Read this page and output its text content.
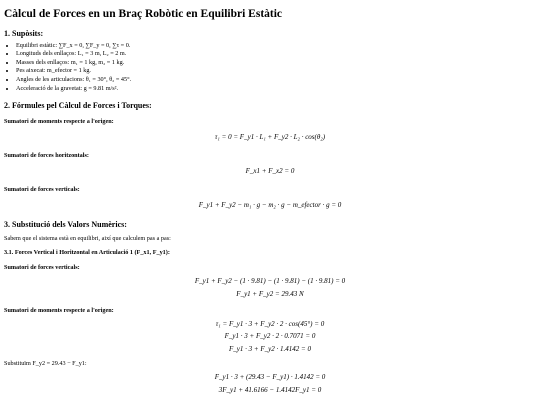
Càlcul de Forces en un Braç Robòtic en Equilibri Estàtic
1. Supòsits:
• Equilibri estàtic: ∑F_x = 0, ∑F_y = 0, ∑τ = 0.
• Longituds dels enllaços: L₁ = 3 m, L₂ = 2 m.
• Masses dels enllaços: m₁ = 1 kg, m₂ = 1 kg.
• Pes aixecat: m_efector = 1 kg.
• Angles de les articulacions: θ₁ = 30°, θ₂ = 45°.
• Acceleració de la gravetat: g = 9.81 m/s².
2. Fórmules pel Càlcul de Forces i Torques:

Sumatori de moments respecte a l'origen:

τ₁ = 0 = F_y1 · L₁ + F_y2 · L₂ · cos(θ₂)

Sumatori de forces horitzontals:

F_x1 + F_x2 = 0

Sumatori de forces verticals:

F_y1 + F_y2 − m₁ · g − m₂ · g − m_efector · g = 0
3. Substitució dels Valors Numèrics:

Sabem que el sistema està en equilibri, així que calculem pas a pas:

3.1. Forces Vertical i Horitzontal en Articulació 1 (F_x1, F_y1):

Sumatori de forces verticals:

F_y1 + F_y2 − (1 · 9.81) − (1 · 9.81) − (1 · 9.81) = 0
F_y1 + F_y2 = 29.43 N

Sumatori de moments respecte a l'origen:

τ₁ = F_y1 · 3 + F_y2 · 2 · cos(45°) = 0
F_y1 · 3 + F_y2 · 2 · 0.7071 = 0
F_y1 · 3 + F_y2 · 1.4142 = 0

Substituïm F_y2 = 29.43 − F_y1:

F_y1 · 3 + (29.43 − F_y1) · 1.4142 = 0
3F_y1 + 41.6166 − 1.4142F_y1 = 0
